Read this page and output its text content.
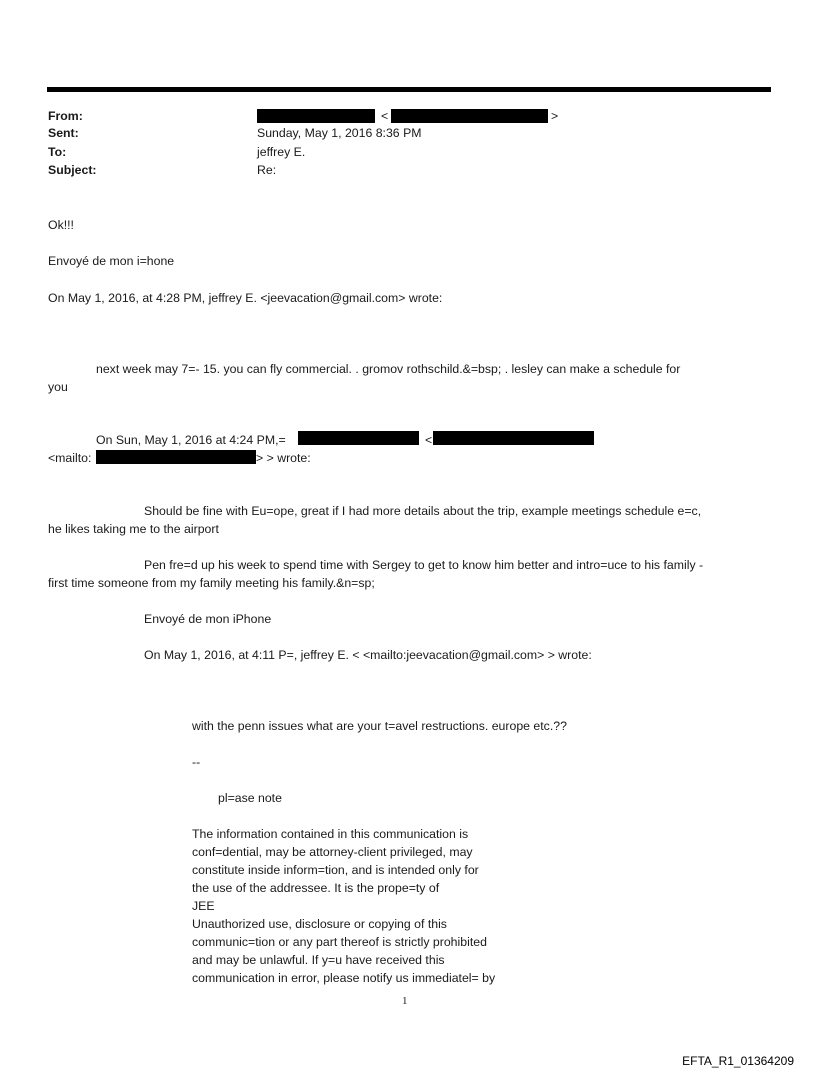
From:	<	>
Sent:	Sunday, May 1, 2016 8:36 PM
To:	jeffrey E.
Subject:	Re:
Ok!!!
Envoyé de mon i=hone
On May 1, 2016, at 4:28 PM, jeffrey E. <jeevacation@gmail.com> wrote:
next week may 7=- 15. you can fly commercial. . gromov rothschild.&=bsp; . lesley can make a schedule for
you
On Sun, May 1, 2016 at 4:24 PM,=	<
<mailto:	> > wrote:
Should be fine with Eu=ope, great if I had more details about the trip, example meetings schedule e=c,
he likes taking me to the airport
Pen fre=d up his week to spend time with Sergey to get to know him better and intro=uce to his family -
first time someone from my family meeting his family.&n=sp;
Envoyé de mon iPhone
On May 1, 2016, at 4:11 P=, jeffrey E. < <mailto:jeevacation@gmail.com> > wrote:
with the penn issues what are your t=avel restructions. europe etc.??
--
pl=ase note
The information contained in this communication is
conf=dential, may be attorney-client privileged, may
constitute inside inform=tion, and is intended only for
the use of the addressee. It is the prope=ty of
JEE
Unauthorized use, disclosure or copying of this
communic=tion or any part thereof is strictly prohibited
and may be unlawful. If y=u have received this
communication in error, please notify us immediatel= by
1
EFTA_R1_01364209
